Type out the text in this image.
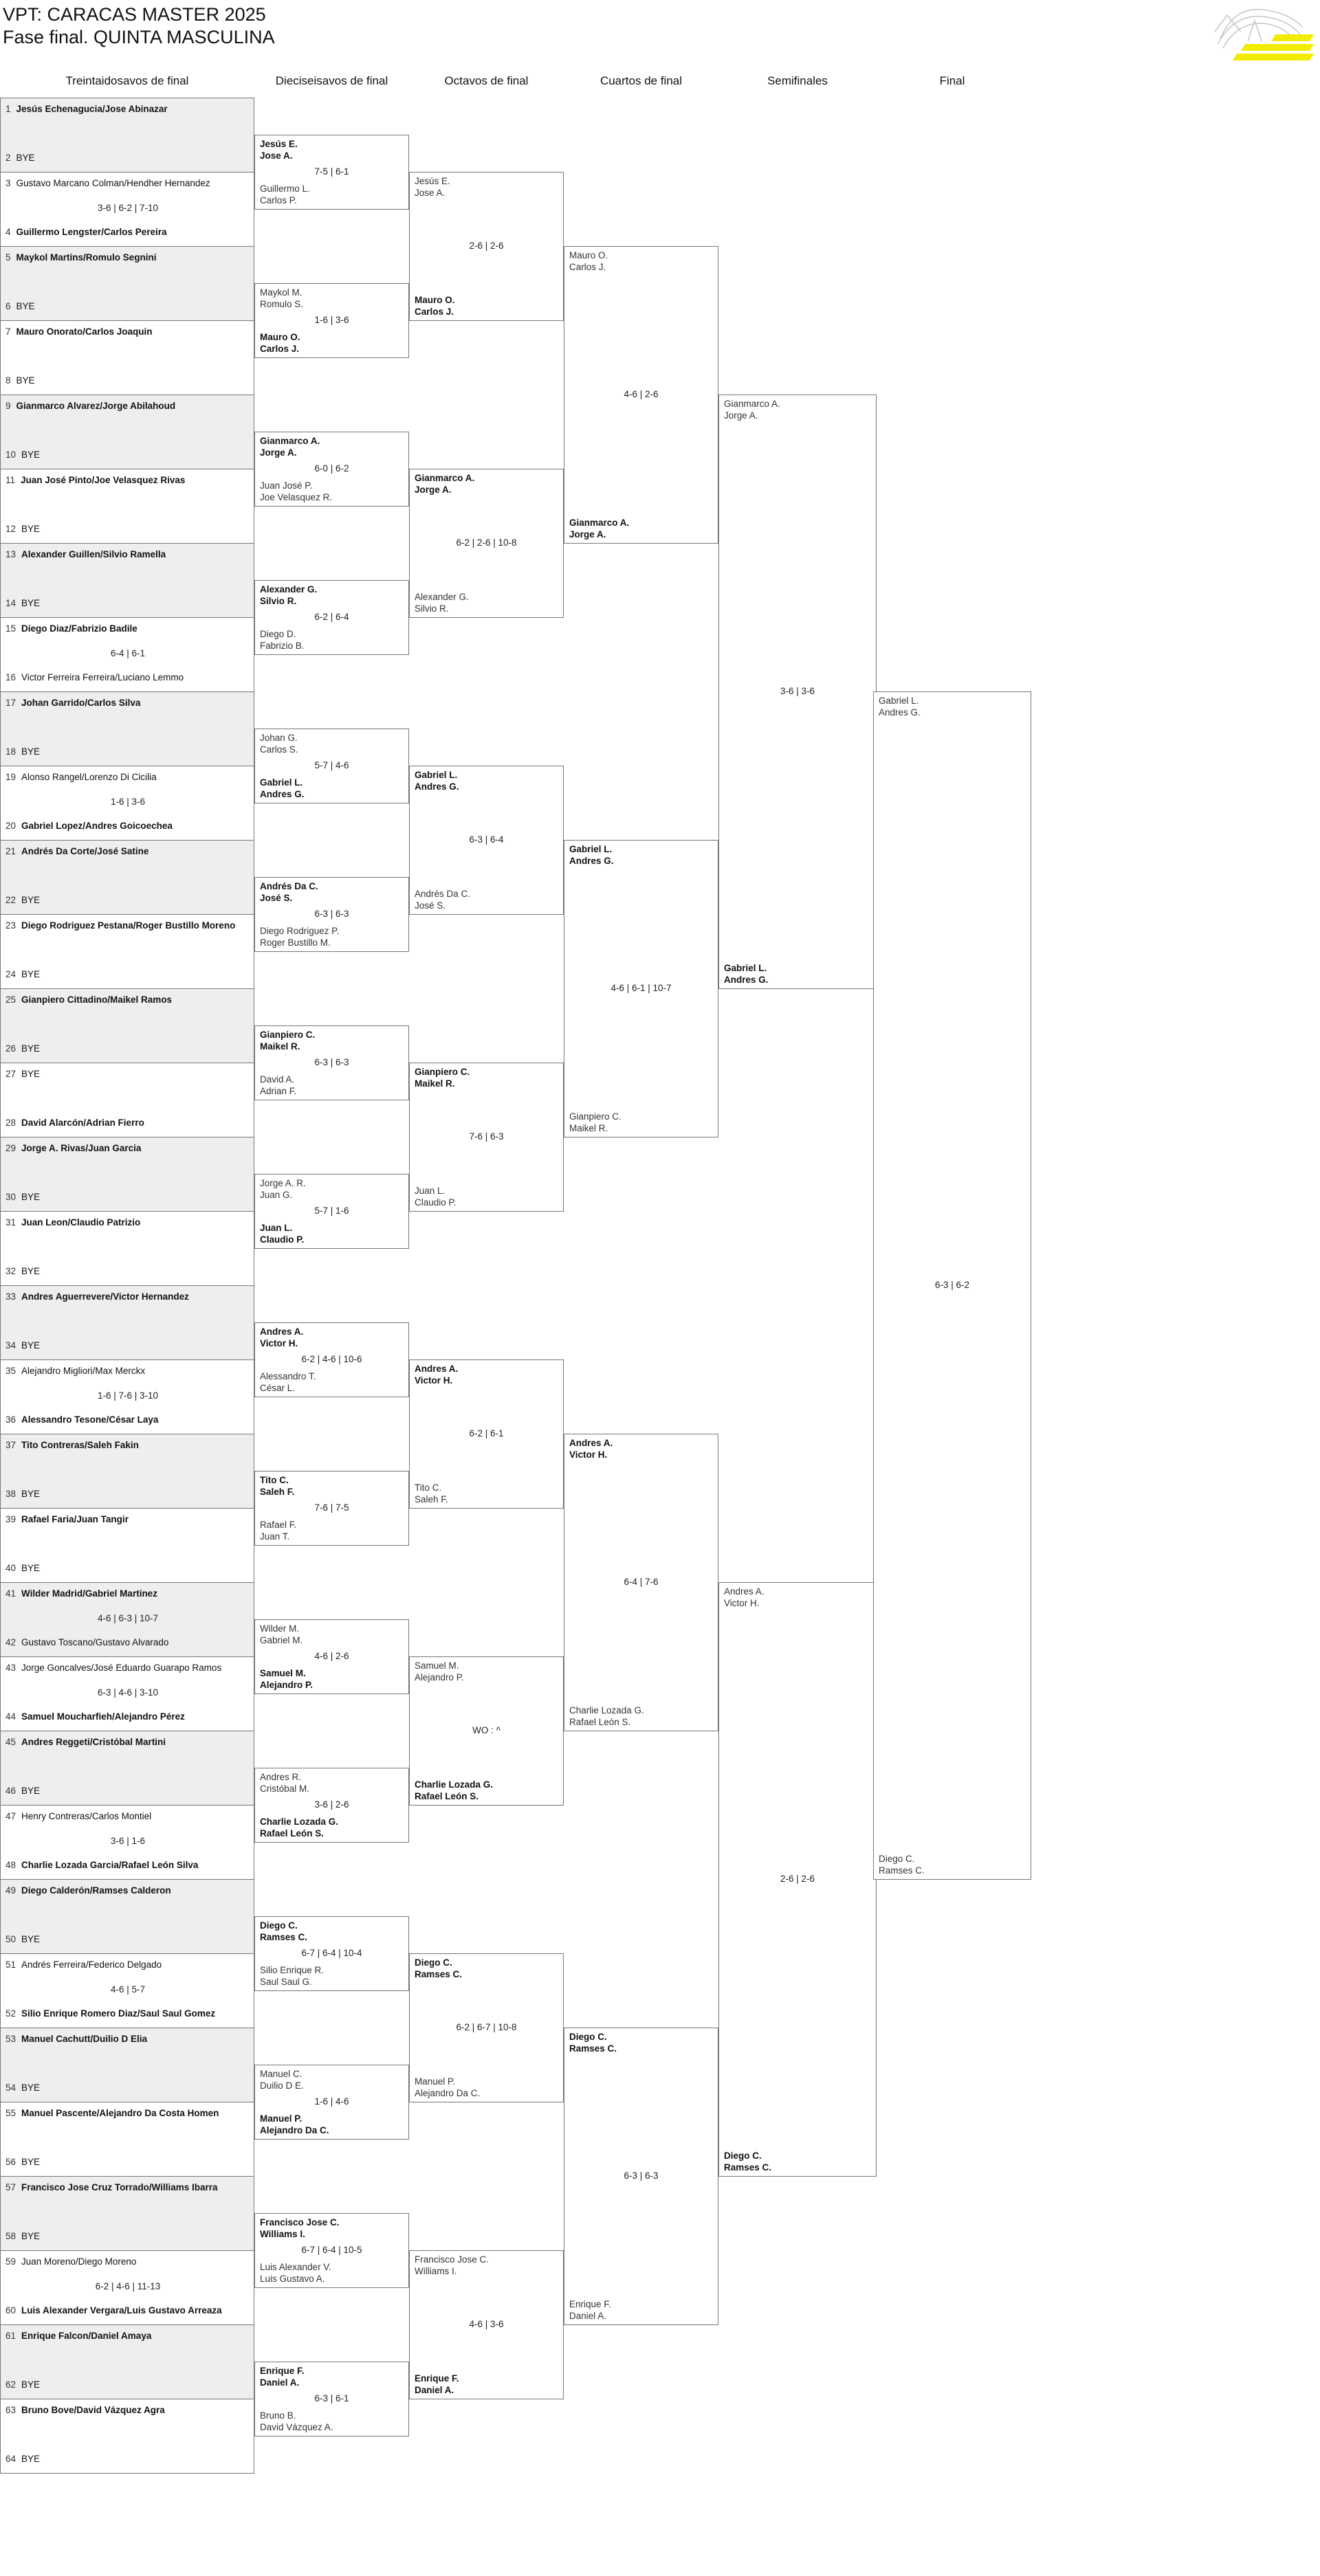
VPT: CARACAS MASTER 2025
Fase final. QUINTA MASCULINA
Treintaidosavos de final	Dieciseisavos de final	Octavos de final	Cuartos de final	Semifinales	Final
1 Jesús Echenagucia/Jose Abinazar
2 BYE
3 Gustavo Marcano Colman/Hendher Hernandez
4 Guillermo Lengster/Carlos Pereira
3-6 | 6-2 | 7-10
5 Maykol Martins/Romulo Segnini
6 BYE
7 Mauro Onorato/Carlos Joaquin
8 BYE
9 Gianmarco Alvarez/Jorge Abilahoud
10 BYE
11 Juan José Pinto/Joe Velasquez Rivas
12 BYE
13 Alexander Guillen/Silvio Ramella
14 BYE
15 Diego Diaz/Fabrizio Badile
16 Victor Ferreira Ferreira/Luciano Lemmo
6-4 | 6-1
17 Johan Garrido/Carlos Silva
18 BYE
19 Alonso Rangel/Lorenzo Di Cicilia
20 Gabriel Lopez/Andres Goicoechea
1-6 | 3-6
21 Andrés Da Corte/José Satine
22 BYE
23 Diego Rodriguez Pestana/Roger Bustillo Moreno
24 BYE
25 Gianpiero Cittadino/Maikel Ramos
26 BYE
27 BYE
28 David Alarcón/Adrian Fierro
29 Jorge A. Rivas/Juan Garcia
30 BYE
31 Juan Leon/Claudio Patrizio
32 BYE
33 Andres Aguerrevere/Victor Hernandez
34 BYE
35 Alejandro Migliori/Max Merckx
36 Alessandro Tesone/César Laya
1-6 | 7-6 | 3-10
37 Tito Contreras/Saleh Fakin
38 BYE
39 Rafael Faria/Juan Tangir
40 BYE
41 Wilder Madrid/Gabriel Martinez
42 Gustavo Toscano/Gustavo Alvarado
4-6 | 6-3 | 10-7
43 Jorge Goncalves/José Eduardo Guarapo Ramos
44 Samuel Moucharfieh/Alejandro Pérez
6-3 | 4-6 | 3-10
45 Andres Reggeti/Cristóbal Martini
46 BYE
47 Henry Contreras/Carlos Montiel
48 Charlie Lozada Garcia/Rafael León Silva
3-6 | 1-6
49 Diego Calderón/Ramses Calderon
50 BYE
51 Andrés Ferreira/Federico Delgado
52 Silio Enrique Romero Diaz/Saul Saul Gomez
4-6 | 5-7
53 Manuel Cachutt/Duilio D Elia
54 BYE
55 Manuel Pascente/Alejandro Da Costa Homen
56 BYE
57 Francisco Jose Cruz Torrado/Williams Ibarra
58 BYE
59 Juan Moreno/Diego Moreno
60 Luis Alexander Vergara/Luis Gustavo Arreaza
6-2 | 4-6 | 11-13
61 Enrique Falcon/Daniel Amaya
62 BYE
63 Bruno Bove/David Vázquez Agra
64 BYE
Jesús E.
Jose A.
Guillermo L.
Carlos P.
7-5 | 6-1
Maykol M.
Romulo S.
Mauro O.
Carlos J.
1-6 | 3-6
Gianmarco A.
Jorge A.
Juan José P.
Joe Velasquez R.
6-0 | 6-2
Alexander G.
Silvio R.
Diego D.
Fabrizio B.
6-2 | 6-4
Johan G.
Carlos S.
Gabriel L.
Andres G.
5-7 | 4-6
Andrés Da C.
José S.
Diego Rodriguez P.
Roger Bustillo M.
6-3 | 6-3
Gianpiero C.
Maikel R.
David A.
Adrian F.
6-3 | 6-3
Jorge A. R.
Juan G.
Juan L.
Claudio P.
5-7 | 1-6
Andres A.
Victor H.
Alessandro T.
César L.
6-2 | 4-6 | 10-6
Tito C.
Saleh F.
Rafael F.
Juan T.
7-6 | 7-5
Wilder M.
Gabriel M.
Samuel M.
Alejandro P.
4-6 | 2-6
Andres R.
Cristóbal M.
Charlie Lozada G.
Rafael León S.
3-6 | 2-6
Diego C.
Ramses C.
Silio Enrique R.
Saul Saul G.
6-7 | 6-4 | 10-4
Manuel C.
Duilio D E.
Manuel P.
Alejandro Da C.
1-6 | 4-6
Francisco Jose C.
Williams I.
Luis Alexander V.
Luis Gustavo A.
6-7 | 6-4 | 10-5
Enrique F.
Daniel A.
Bruno B.
David Vázquez A.
6-3 | 6-1
Jesús E.
Jose A.
Mauro O.
Carlos J.
2-6 | 2-6
Gianmarco A.
Jorge A.
Alexander G.
Silvio R.
6-2 | 2-6 | 10-8
Gabriel L.
Andres G.
Andrés Da C.
José S.
6-3 | 6-4
Gianpiero C.
Maikel R.
Juan L.
Claudio P.
7-6 | 6-3
Andres A.
Victor H.
Tito C.
Saleh F.
6-2 | 6-1
Samuel M.
Alejandro P.
Charlie Lozada G.
Rafael León S.
WO : ^
Diego C.
Ramses C.
Manuel P.
Alejandro Da C.
6-2 | 6-7 | 10-8
Francisco Jose C.
Williams I.
Enrique F.
Daniel A.
4-6 | 3-6
Mauro O.
Carlos J.
Gianmarco A.
Jorge A.
4-6 | 2-6
Gabriel L.
Andres G.
Gianpiero C.
Maikel R.
4-6 | 6-1 | 10-7
Andres A.
Victor H.
Charlie Lozada G.
Rafael León S.
6-4 | 7-6
Diego C.
Ramses C.
Enrique F.
Daniel A.
6-3 | 6-3
Gianmarco A.
Jorge A.
Gabriel L.
Andres G.
3-6 | 3-6
Andres A.
Victor H.
Diego C.
Ramses C.
2-6 | 2-6
Gabriel L.
Andres G.
Diego C.
Ramses C.
6-3 | 6-2
